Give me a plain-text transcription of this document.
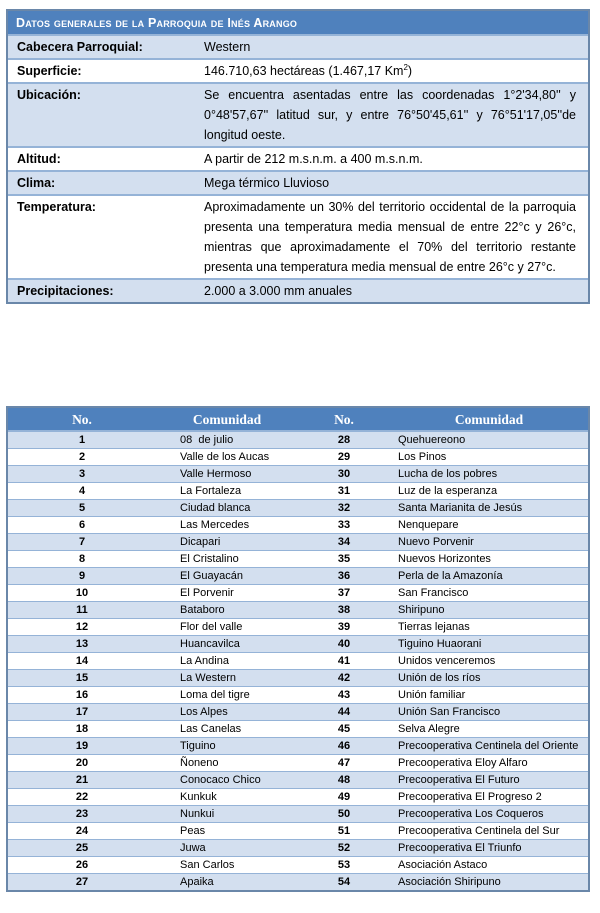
Datos generales de la Parroquia de Inés Arango
Cabecera Parroquial:	Western
Superficie:	146.710,63 hectáreas (1.467,17 Km$^2$)
Ubicación:	Se encuentra asentadas entre las coordenadas 1°2'34,80'' y 0°48'57,67'' latitud sur, y entre 76°50'45,61'' y 76°51'17,05''de longitud oeste.
Altitud:	A partir de 212 m.s.n.m. a 400 m.s.n.m.
Clima:	Mega térmico Lluvioso
Temperatura:	Aproximadamente un 30% del territorio occidental de la parroquia presenta una temperatura media mensual de entre 22°c y 26°c, mientras que aproximadamente el 70% del territorio restante presenta una temperatura media mensual de entre 26°c y 27°c.
Precipitaciones:	2.000 a 3.000 mm anuales
No.	Comunidad	No.	Comunidad
1	08  de julio	28	Quehuereono
2	Valle de los Aucas	29	Los Pinos
3	Valle Hermoso	30	Lucha de los pobres
4	La Fortaleza	31	Luz de la esperanza
5	Ciudad blanca	32	Santa Marianita de Jesús
6	Las Mercedes	33	Nenquepare
7	Dicapari	34	Nuevo Porvenir
8	El Cristalino	35	Nuevos Horizontes
9	El Guayacán	36	Perla de la Amazonía
10	El Porvenir	37	San Francisco
11	Bataboro	38	Shiripuno
12	Flor del valle	39	Tierras lejanas
13	Huancavilca	40	Tiguino Huaorani
14	La Andina	41	Unidos venceremos
15	La Western	42	Unión de los ríos
16	Loma del tigre	43	Unión familiar
17	Los Alpes	44	Unión San Francisco
18	Las Canelas	45	Selva Alegre
19	Tiguino	46	Precooperativa Centinela del Oriente
20	Ñoneno	47	Precooperativa Eloy Alfaro
21	Conocaco Chico	48	Precooperativa El Futuro
22	Kunkuk	49	Precooperativa El Progreso 2
23	Nunkui	50	Precooperativa Los Coqueros
24	Peas	51	Precooperativa Centinela del Sur
25	Juwa	52	Precooperativa El Triunfo
26	San Carlos	53	Asociación Astaco
27	Apaika	54	Asociación Shiripuno
